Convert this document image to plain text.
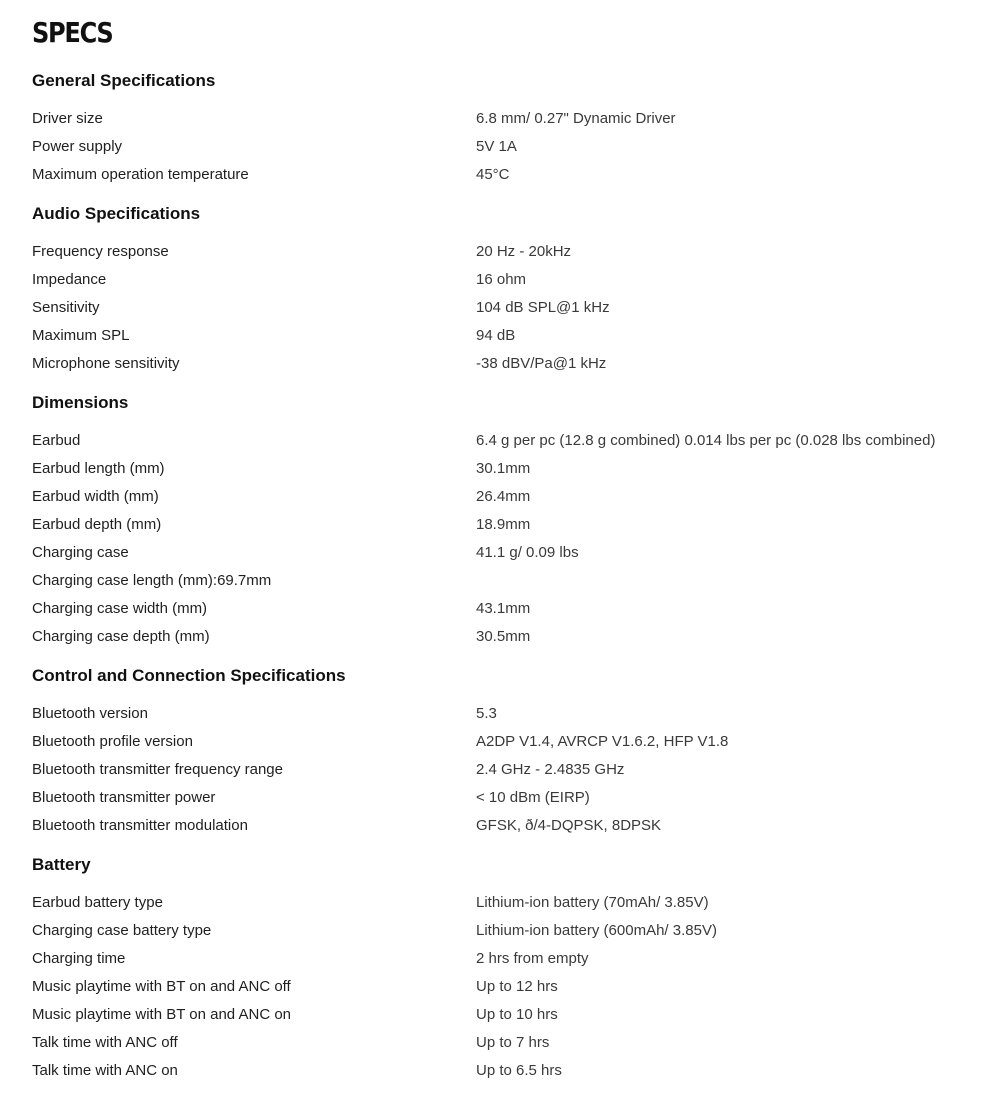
SPECS
General Specifications
Driver size	6.8 mm/ 0.27" Dynamic Driver
Power supply	5V 1A
Maximum operation temperature	45°C
Audio Specifications
Frequency response	20 Hz - 20kHz
Impedance	16 ohm
Sensitivity	104 dB SPL@1 kHz
Maximum SPL	94 dB
Microphone sensitivity	-38 dBV/Pa@1 kHz
Dimensions
Earbud	6.4 g per pc (12.8 g combined) 0.014 lbs per pc (0.028 lbs combined)
Earbud length (mm)	30.1mm
Earbud width (mm)	26.4mm
Earbud depth (mm)	18.9mm
Charging case	41.1 g/ 0.09 lbs
Charging case length (mm):69.7mm
Charging case width (mm)	43.1mm
Charging case depth (mm)	30.5mm
Control and Connection Specifications
Bluetooth version	5.3
Bluetooth profile version	A2DP V1.4, AVRCP V1.6.2, HFP V1.8
Bluetooth transmitter frequency range	2.4 GHz - 2.4835 GHz
Bluetooth transmitter power	< 10 dBm (EIRP)
Bluetooth transmitter modulation	GFSK, ð/4-DQPSK, 8DPSK
Battery
Earbud battery type	Lithium-ion battery (70mAh/ 3.85V)
Charging case battery type	Lithium-ion battery (600mAh/ 3.85V)
Charging time	2 hrs from empty
Music playtime with BT on and ANC off	Up to 12 hrs
Music playtime with BT on and ANC on	Up to 10 hrs
Talk time with ANC off	Up to 7 hrs
Talk time with ANC on	Up to 6.5 hrs
